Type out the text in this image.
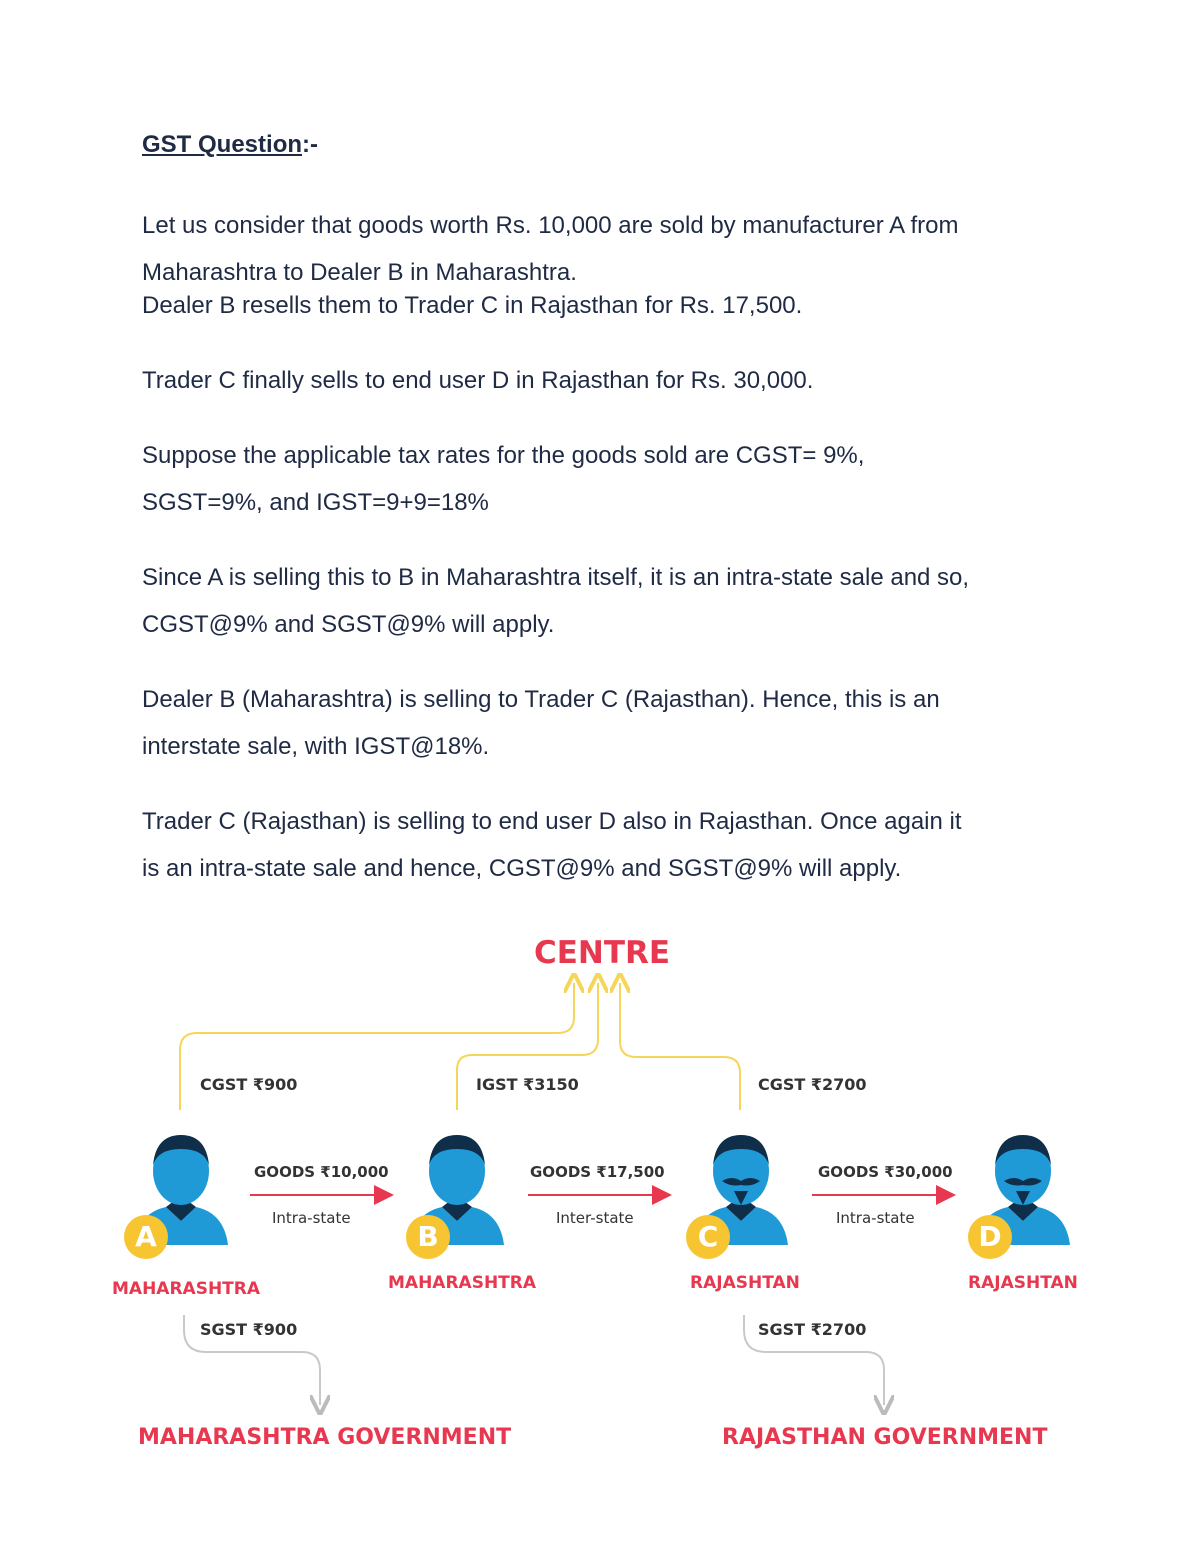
GST Question:-

Let us consider that goods worth Rs. 10,000 are sold by manufacturer A from

Maharashtra to Dealer B in Maharashtra.

Dealer B resells them to Trader C in Rajasthan for Rs. 17,500.

Trader C finally sells to end user D in Rajasthan for Rs. 30,000.

Suppose the applicable tax rates for the goods sold are CGST= 9%,

SGST=9%, and IGST=9+9=18%

Since A is selling this to B in Maharashtra itself, it is an intra-state sale and so,

CGST@9% and SGST@9% will apply.

Dealer B (Maharashtra) is selling to Trader C (Rajasthan). Hence, this is an

interstate sale, with IGST@18%.

Trader C (Rajasthan) is selling to end user D also in Rajasthan. Once again it

is an intra-state sale and hence, CGST@9% and SGST@9% will apply.

CENTRE
CGST ₹900	IGST ₹3150	CGST ₹2700
GOODS ₹10,000
Intra-state
GOODS ₹17,500
Inter-state
GOODS ₹30,000
Intra-state
A	B	C	D
MAHARASHTRA	MAHARASHTRA	RAJASHTAN	RAJASHTAN
SGST ₹900	SGST ₹2700
MAHARASHTRA GOVERNMENT	RAJASTHAN GOVERNMENT
